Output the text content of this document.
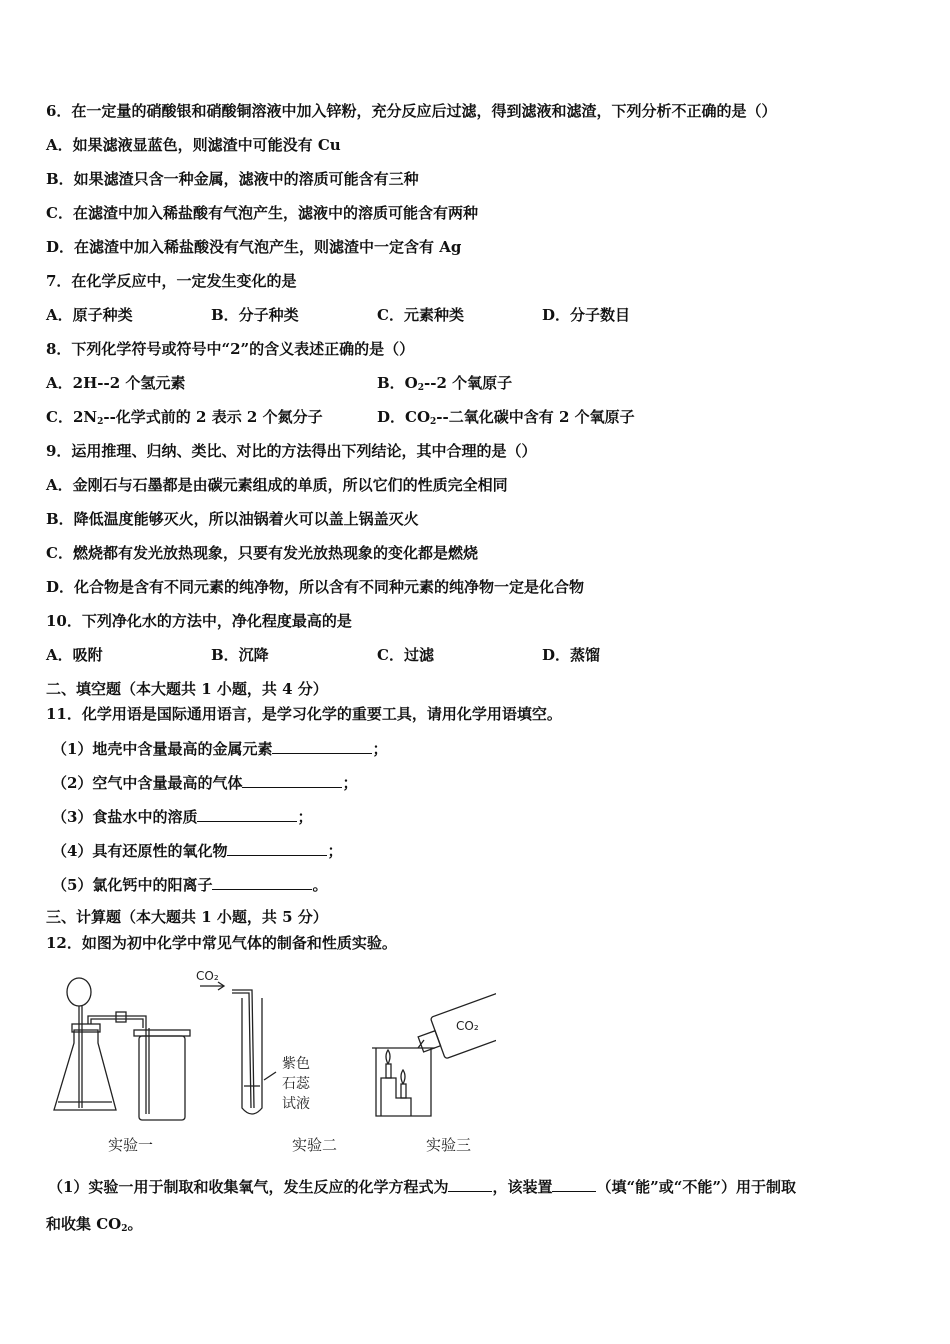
6．在一定量的硝酸银和硝酸铜溶液中加入锌粉，充分反应后过滤，得到滤液和滤渣，下列分析不正确的是（）
A．如果滤液显蓝色，则滤渣中可能没有 Cu
B．如果滤渣只含一种金属，滤液中的溶质可能含有三种
C．在滤渣中加入稀盐酸有气泡产生，滤液中的溶质可能含有两种
D．在滤渣中加入稀盐酸没有气泡产生，则滤渣中一定含有 Ag
7．在化学反应中，一定发生变化的是
A．原子种类	B．分子种类	C．元素种类	D．分子数目
8．下列化学符号或符号中“2”的含义表述正确的是（）
A．2H--2 个氢元素	B．$O_2--2$ 个氧原子
C．$2N_2--$化学式前的 2 表示 2 个氮分子	D．$CO_2--$二氧化碳中含有 2 个氧原子
9．运用推理、归纳、类比、对比的方法得出下列结论，其中合理的是（）
A．金刚石与石墨都是由碳元素组成的单质，所以它们的性质完全相同
B．降低温度能够灭火，所以油锅着火可以盖上锅盖灭火
C．燃烧都有发光放热现象，只要有发光放热现象的变化都是燃烧
D．化合物是含有不同元素的纯净物，所以含有不同种元素的纯净物一定是化合物
10．下列净化水的方法中，净化程度最高的是
A．吸附	B．沉降	C．过滤	D．蒸馏
二、填空题（本大题共 1 小题，共 4 分）
11．化学用语是国际通用语言，是学习化学的重要工具，请用化学用语填空。
（1）地壳中含量最高的金属元素	；
（2）空气中含量最高的气体	；
（3）食盐水中的溶质	；
（4）具有还原性的氧化物	；
（5）氯化钙中的阳离子	。
三、计算题（本大题共 1 小题，共 5 分）
12．如图为初中化学中常见气体的制备和性质实验。
CO₂
CO₂
紫色
石蕊
试液
实验一	实验二	实验三
（1）实验一用于制取和收集氧气，发生反应的化学方程式为	，该装置	（填“能”或“不能”）用于制取
和收集 $CO_2$。
